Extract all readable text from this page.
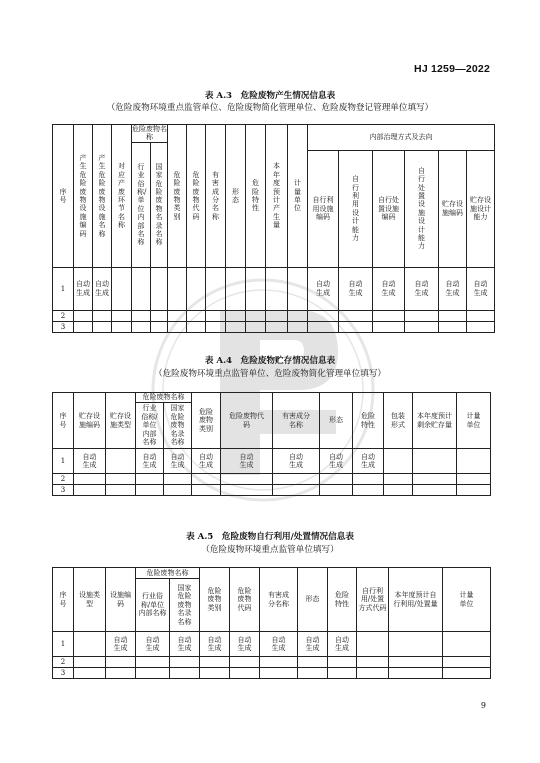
HJ 1259—2022
表 A.3　危险废物产生情况信息表
（危险废物环境重点监管单位、危险废物简化管理单位、危险废物登记管理单位填写）
序号	产生危险废物设施编码	产生危险废物设施名称	对应产废环节名称	危险废物名称		危险废物类别	危险废物代码	有害成分名称	形态	危险特性	本年度预计产生量	计量单位	内部治理方式及去向					
				行业俗称/单位内部名称	国家危险废物名录名称													
													自行利用设施编码	自行利用设计能力	自行处置设施编码	自行处置设施设计能力	贮存设施编码	贮存设施设计能力
1	自动生成	自动生成											自动生成	自动生成	自动生成	自动生成	自动生成	自动生成
2																		
3																		
表 A.4　危险废物贮存情况信息表
（危险废物环境重点监管单位、危险废物简化管理单位填写）
序号	贮存设施编码	贮存设施类型	危险废物名称		危险废物类别	危险废物代码	有害成分名称	形态	危险特性	包装形式	本年度预计剩余贮存量	计量单位
			行业俗称/单位内部名称	国家危险废物名录名称								
1	自动生成		自动生成	自动生成	自动生成	自动生成	自动生成	自动生成	自动生成			
2												
3												
表 A.5　危险废物自行利用/处置情况信息表
（危险废物环境重点监管单位填写）
序号	设施类型	设施编码	危险废物名称		危险废物类别	危险废物代码	有害成分名称	形态	危险特性	自行利用/处置方式代码	本年度预计自行利用/处置量	计量单位
			行业俗称/单位内部名称	国家危险废物名录名称								
1		自动生成	自动生成	自动生成	自动生成	自动生成	自动生成	自动生成	自动生成			
2												
3												
9
